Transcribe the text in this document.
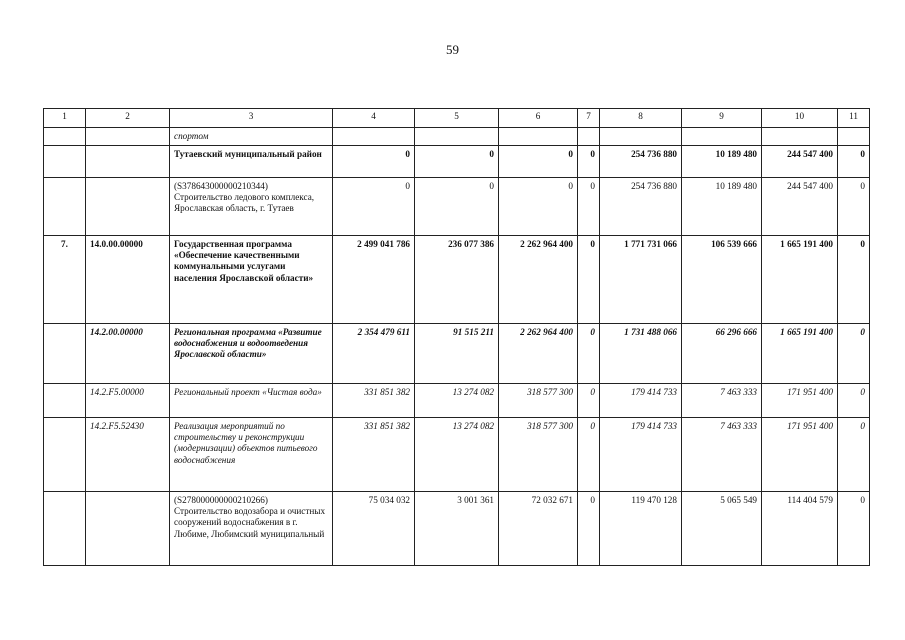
59
1	2	3	4	5	6	7	8	9	10	11
		спортом								
		Тутаевский муниципальный район	0	0	0	0	254 736 880	10 189 480	244 547 400	0
		(S378643000000210344) Строительство ледового комплекса, Ярославская область, г. Тутаев	0	0	0	0	254 736 880	10 189 480	244 547 400	0
7.	14.0.00.00000	Государственная программа «Обеспечение качественными коммунальными услугами населения Ярославской области»	2 499 041 786	236 077 386	2 262 964 400	0	1 771 731 066	106 539 666	1 665 191 400	0
	14.2.00.00000	Региональная программа «Развитие водоснабжения и водоотведения Ярославской области»	2 354 479 611	91 515 211	2 262 964 400	0	1 731 488 066	66 296 666	1 665 191 400	0
	14.2.F5.00000	Региональный проект «Чистая вода»	331 851 382	13 274 082	318 577 300	0	179 414 733	7 463 333	171 951 400	0
	14.2.F5.52430	Реализация мероприятий по строительству и реконструкции (модернизации) объектов питьевого водоснабжения	331 851 382	13 274 082	318 577 300	0	179 414 733	7 463 333	171 951 400	0
		(S278000000000210266) Строительство водозабора и очистных сооружений водоснабжения в г. Любиме, Любимский муниципальный	75 034 032	3 001 361	72 032 671	0	119 470 128	5 065 549	114 404 579	0
